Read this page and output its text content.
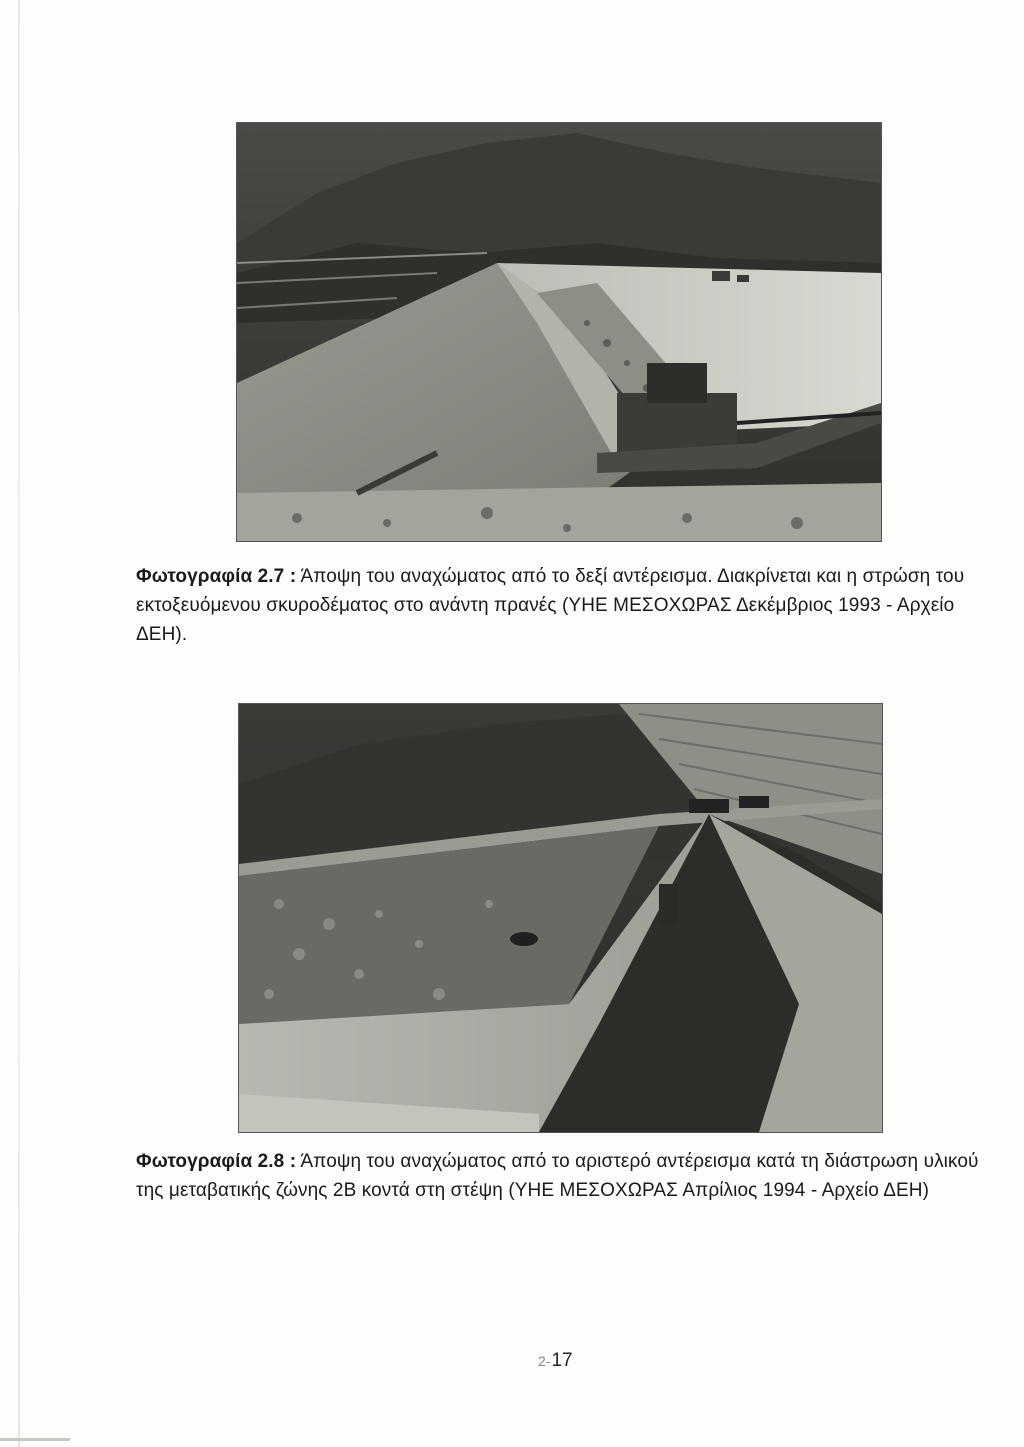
Φωτογραφία 2.7 : Άποψη του αναχώματος από το δεξί αντέρεισμα. Διακρίνεται και η στρώση του εκτοξευόμενου σκυροδέματος στο ανάντη πρανές (ΥΗΕ ΜΕΣΟΧΩΡΑΣ Δεκέμβριος 1993 - Αρχείο ΔΕΗ).
Φωτογραφία 2.8 : Άποψη του αναχώματος από το αριστερό αντέρεισμα κατά τη διάστρωση υλικού της μεταβατικής ζώνης 2Β κοντά στη στέψη (ΥΗΕ ΜΕΣΟΧΩΡΑΣ Απρίλιος 1994 - Αρχείο ΔΕΗ)
2-17
